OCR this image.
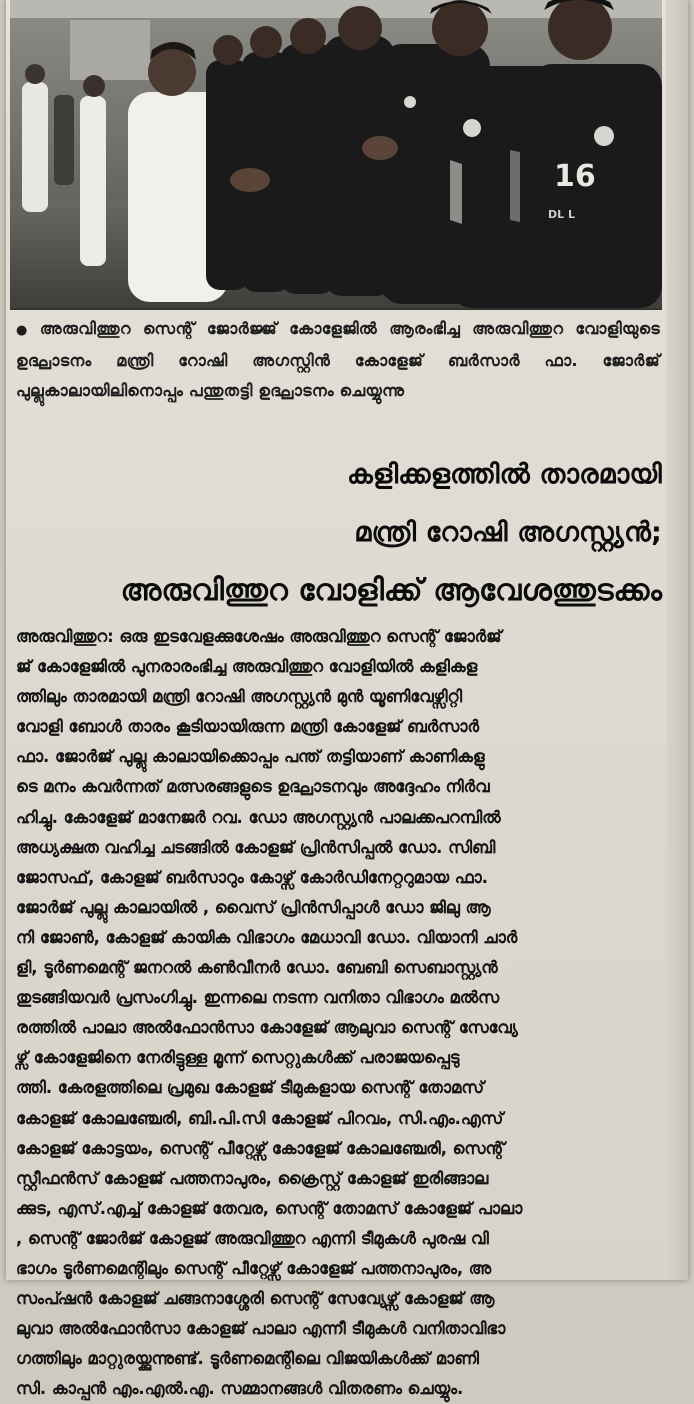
16
DL L
● അരുവിത്തുറ സെന്റ് ജോർജ്ജ് കോളേജിൽ ആരംഭിച്ച അരുവിത്തുറ വോളിയുടെ ഉദ്ഘാടനം മന്ത്രി റോഷി അഗസ്റ്റിൻ കോളേജ് ബർസാർ ഫാ. ജോർജ് പുല്ലുകാലായിലിനൊപ്പം പന്തുതട്ടി ഉദ്ഘാടനം ചെയ്യുന്നു
കളിക്കളത്തിൽ താരമായി
മന്ത്രി റോഷി അഗസ്റ്റ്യൻ;
അരുവിത്തുറ വോളിക്ക് ആവേശത്തുടക്കം
അരുവിത്തുറ: ഒരു ഇടവേളക്കുശേഷം അരുവിത്തുറ സെന്റ് ജോർജ്
ജ് കോളേജിൽ പുനരാരംഭിച്ച അരുവിത്തുറ വോളിയിൽ കളികള
ത്തിലും താരമായി മന്ത്രി റോഷി അഗസ്റ്റ്യൻ മുൻ യൂണിവേഴ്സിറ്റി
വോളി ബോൾ താരം കൂടിയായിരുന്ന മന്ത്രി കോളേജ് ബർസാർ
ഫാ. ജോർജ് പുല്ലു കാലായിക്കൊപ്പം പന്ത് തട്ടിയാണ് കാണികളു
ടെ മനം കവർന്നത് മത്സരങ്ങളുടെ ഉദ്ഘാടനവും അദ്ദേഹം നിർവ
ഹിച്ചു. കോളേജ് മാനേജർ റവ. ഡോ അഗസ്റ്റ്യൻ പാലക്കപറമ്പിൽ
അധ്യക്ഷത വഹിച്ച ചടങ്ങിൽ കോളജ് പ്രിൻസിപ്പൽ ഡോ. സിബി
ജോസഫ്, കോളജ് ബർസാറും കോഴ്സ് കോർഡിനേറ്ററുമായ ഫാ.
ജോർജ് പുല്ലു കാലായിൽ , വൈസ് പ്രിൻസിപ്പാൾ ഡോ ജിലു ആ
നി ജോൺ, കോളജ് കായിക വിഭാഗം മേധാവി ഡോ. വിയാനി ചാർ
ളി, ടൂർണമെന്റ് ജനറൽ കൺവീനർ ഡോ. ബേബി സെബാസ്റ്റ്യൻ
തുടങ്ങിയവർ പ്രസംഗിച്ചു. ഇന്നലെ നടന്ന വനിതാ വിഭാഗം മൽസ
രത്തിൽ പാലാ അൽഫോൻസാ കോളേജ് ആലുവാ സെന്റ് സേവ്യേ
ഴ്സ് കോളേജിനെ നേരിട്ടുള്ള മൂന്ന് സെറ്റുകൾക്ക് പരാജയപ്പെടു
ത്തി. കേരളത്തിലെ പ്രമുഖ കോളജ് ടീമുകളായ സെന്റ് തോമസ്
കോളജ് കോലഞ്ചേരി, ബി.പി.സി കോളജ് പിറവം, സി.എം.എസ്
കോളജ് കോട്ടയം, സെന്റ് പീറ്റേഴ്സ് കോളേജ് കോലഞ്ചേരി, സെന്റ്
സ്റ്റീഫൻസ് കോളജ് പത്തനാപുരം, ക്രൈസ്റ്റ് കോളജ് ഇരിങ്ങാല
ക്കുട, എസ്.എച്ച് കോളജ് തേവര, സെന്റ് തോമസ് കോളേജ് പാലാ
, സെന്റ് ജോർജ് കോളജ് അരുവിത്തുറ എന്നി ടീമുകൾ പുരഷ വി
ഭാഗം ടൂർണമെന്റിലും സെന്റ് പീറ്റേഴ്സ് കോളേജ് പത്തനാപുരം, അ
സംപ്ഷൻ കോളജ് ചങ്ങനാശ്ശേരി സെന്റ് സേവ്യേഴ്സ് കോളജ് ആ
ലുവാ അൽഫോൻസാ കോളജ് പാലാ എന്നീ ടീമുകൾ വനിതാവിഭാ
ഗത്തിലും മാറ്റുരയ്ക്കുന്നുണ്ട്. ടൂർണമെന്റിലെ വിജയികൾക്ക് മാണി
സി. കാപ്പൻ എം.എൽ.എ. സമ്മാനങ്ങൾ വിതരണം ചെയ്യും.
